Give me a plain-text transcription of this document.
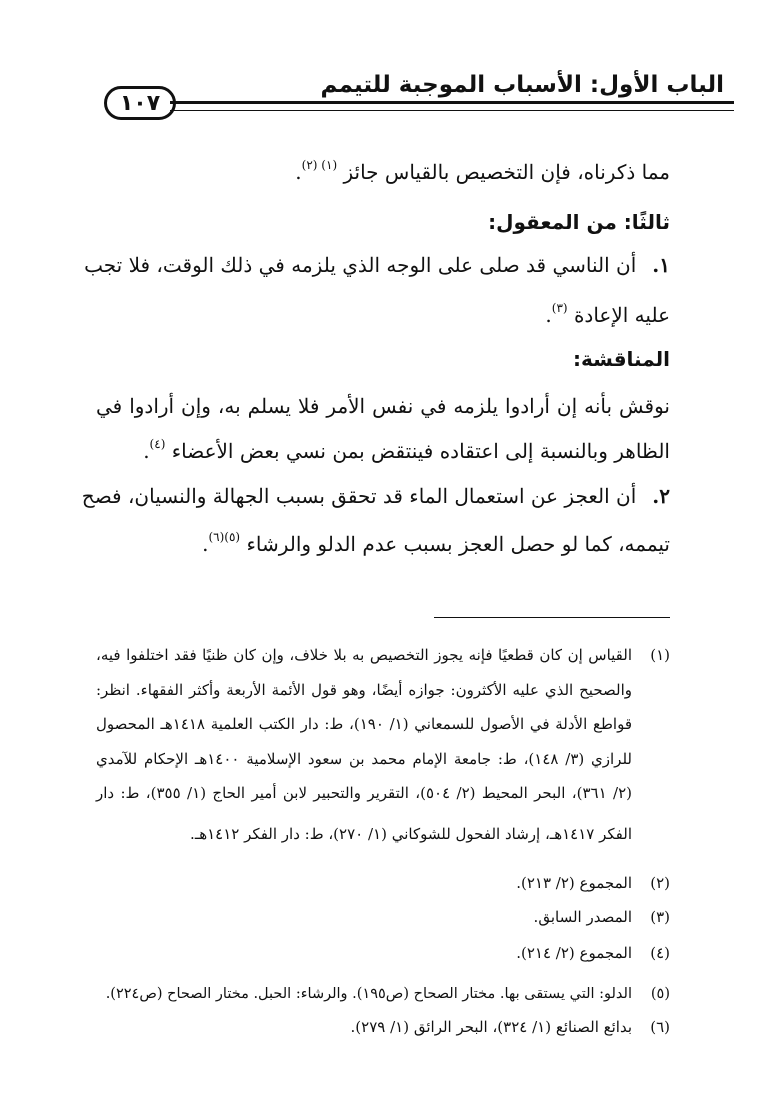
الباب الأول: الأسباب الموجبة للتيمم
١٠٧
مما ذكرناه، فإن التخصيص بالقياس جائز $^{(١) (٢)}$.
ثالثًا: من المعقول:
١.أن الناسي قد صلى على الوجه الذي يلزمه في ذلك الوقت، فلا تجب
عليه الإعادة $^{(٣)}$.
المناقشة:
نوقش بأنه إن أرادوا يلزمه في نفس الأمر فلا يسلم به، وإن أرادوا في
الظاهر وبالنسبة إلى اعتقاده فينتقض بمن نسي بعض الأعضاء $^{(٤)}$.
٢.أن العجز عن استعمال الماء قد تحقق بسبب الجهالة والنسيان، فصح
تيممه، كما لو حصل العجز بسبب عدم الدلو والرشاء $^{(٥)(٦)}$.
(١)القياس إن كان قطعيًا فإنه يجوز التخصيص به بلا خلاف، وإن كان ظنيًا فقد اختلفوا فيه،
والصحيح الذي عليه الأكثرون: جوازه أيضًا، وهو قول الأئمة الأربعة وأكثر الفقهاء. انظر:
قواطع الأدلة في الأصول للسمعاني (١/ ١٩٠)، ط: دار الكتب العلمية ١٤١٨هـ المحصول
للرازي (٣/ ١٤٨)، ط: جامعة الإمام محمد بن سعود الإسلامية ١٤٠٠هـ الإحكام للآمدي
(٢/ ٣٦١)، البحر المحيط (٢/ ٥٠٤)، التقرير والتحبير لابن أمير الحاج (١/ ٣٥٥)، ط: دار
الفكر ١٤١٧هـ، إرشاد الفحول للشوكاني (١/ ٢٧٠)، ط: دار الفكر ١٤١٢هـ.
(٢)المجموع (٢/ ٢١٣).
(٣)المصدر السابق.
(٤)المجموع (٢/ ٢١٤).
(٥)الدلو: التي يستقى بها. مختار الصحاح (ص١٩٥). والرشاء: الحبل. مختار الصحاح (ص٢٢٤).
(٦)بدائع الصنائع (١/ ٣٢٤)، البحر الرائق (١/ ٢٧٩).
